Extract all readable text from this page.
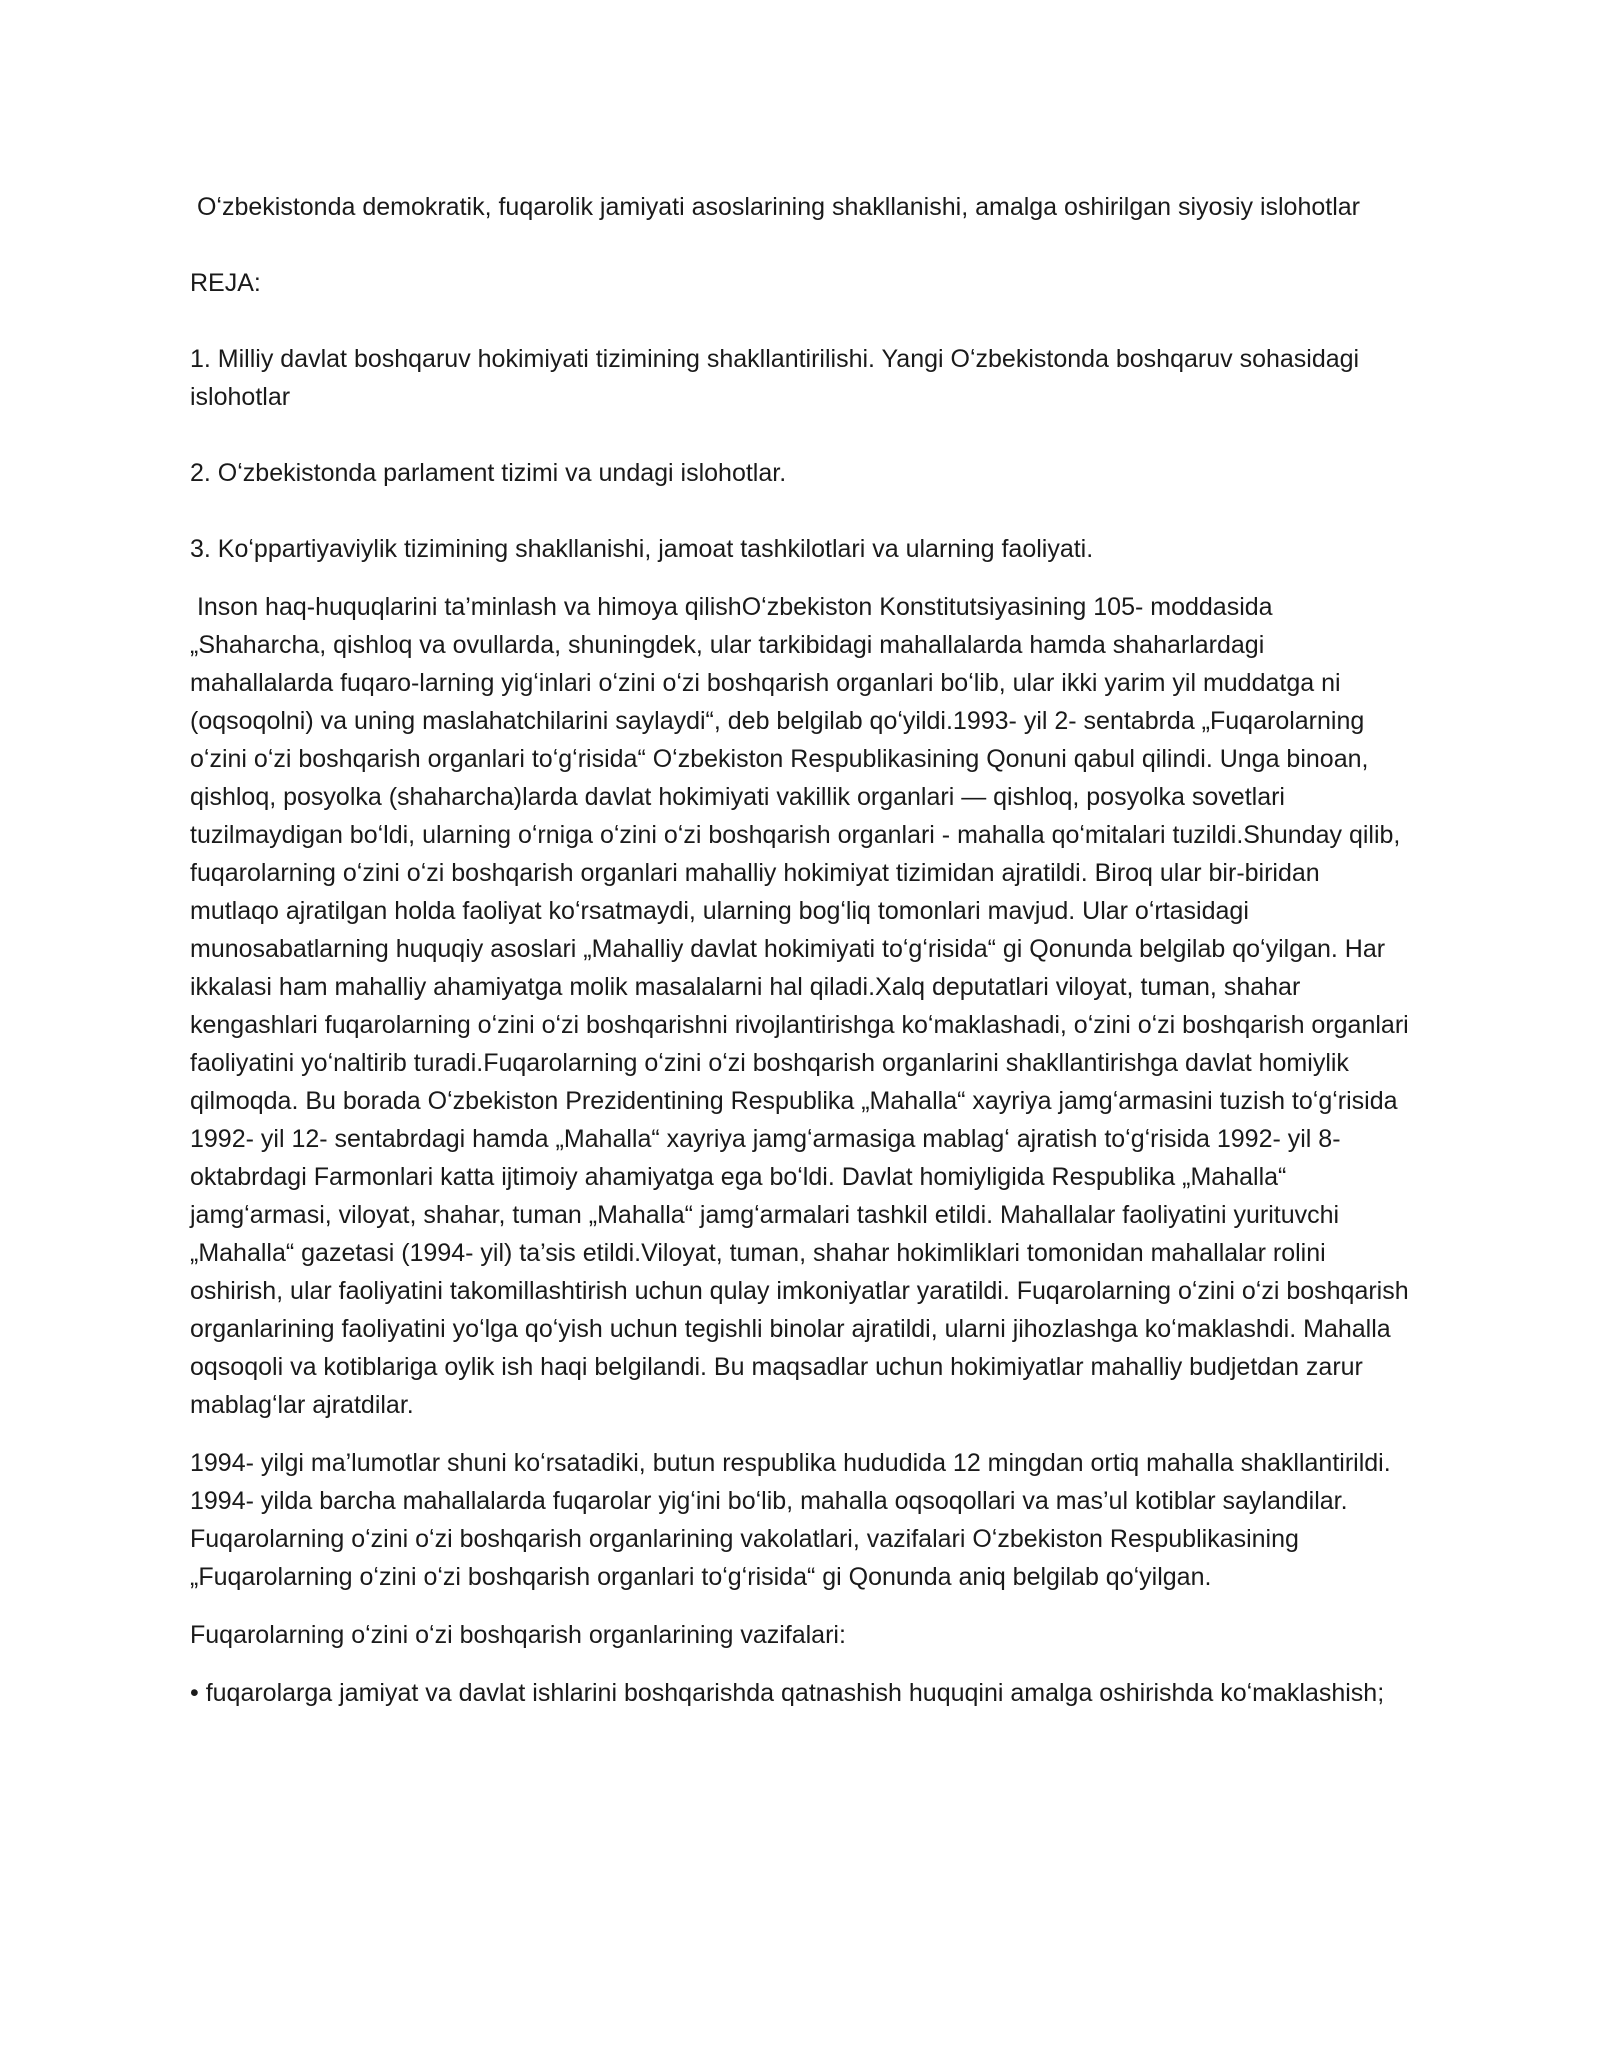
Oʻzbekistonda demokratik, fuqarolik jamiyati asoslarining shakllanishi, amalga oshirilgan siyosiy islohotlar

REJA:

1. Milliy davlat boshqaruv hokimiyati tizimining shakllantirilishi. Yangi Oʻzbekistonda boshqaruv sohasidagi islohotlar

2. Oʻzbekistonda parlament tizimi va undagi islohotlar.

3. Koʻppartiyaviylik tizimining shakllanishi, jamoat tashkilotlari va ularning faoliyati.

Inson haq-huquqlarini ta’minlash va himoya qilishOʻzbekiston Konstitutsiyasining 105- moddasida „Shaharcha, qishloq va ovullarda, shuningdek, ular tarkibidagi mahallalarda hamda shaharlardagi mahallalarda fuqaro-larning yigʻinlari oʻzini oʻzi boshqarish organlari boʻlib, ular ikki yarim yil muddatga ni (oqsoqolni) va uning maslahatchilarini saylaydi“, deb belgilab qoʻyildi.1993- yil 2- sentabrda „Fuqarolarning oʻzini oʻzi boshqarish organlari toʻgʻrisida“ Oʻzbekiston Respublikasining Qonuni qabul qilindi. Unga binoan, qishloq, posyolka (shaharcha)larda davlat hokimiyati vakillik organlari — qishloq, posyolka sovetlari tuzilmaydigan boʻldi, ularning oʻrniga oʻzini oʻzi boshqarish organlari - mahalla qoʻmitalari tuzildi.Shunday qilib, fuqarolarning oʻzini oʻzi boshqarish organlari mahalliy hokimiyat tizimidan ajratildi. Biroq ular bir-biridan mutlaqo ajratilgan holda faoliyat koʻrsatmaydi, ularning bogʻliq tomonlari mavjud. Ular oʻrtasidagi munosabatlarning huquqiy asoslari „Mahalliy davlat hokimiyati toʻgʻrisida“ gi Qonunda belgilab qoʻyilgan. Har ikkalasi ham mahalliy ahamiyatga molik masalalarni hal qiladi.Xalq deputatlari viloyat, tuman, shahar kengashlari fuqarolarning oʻzini oʻzi boshqarishni rivojlantirishga koʻmaklashadi, oʻzini oʻzi boshqarish organlari faoliyatini yoʻnaltirib turadi.Fuqarolarning oʻzini oʻzi boshqarish organlarini shakllantirishga davlat homiylik qilmoqda. Bu borada Oʻzbekiston Prezidentining Respublika „Mahalla“ xayriya jamgʻarmasini tuzish toʻgʻrisida 1992- yil 12- sentabrdagi hamda „Mahalla“ xayriya jamgʻarmasiga mablagʻ ajratish toʻgʻrisida 1992- yil 8- oktabrdagi Farmonlari katta ijtimoiy ahamiyatga ega boʻldi. Davlat homiyligida Respublika „Mahalla“ jamgʻarmasi, viloyat, shahar, tuman „Mahalla“ jamgʻarmalari tashkil etildi. Mahallalar faoliyatini yurituvchi „Mahalla“ gazetasi (1994- yil) ta’sis etildi.Viloyat, tuman, shahar hokimliklari tomonidan mahallalar rolini oshirish, ular faoliyatini takomillashtirish uchun qulay imkoniyatlar yaratildi. Fuqarolarning oʻzini oʻzi boshqarish organlarining faoliyatini yoʻlga qoʻyish uchun tegishli binolar ajratildi, ularni jihozlashga koʻmaklashdi. Mahalla oqsoqoli va kotiblariga oylik ish haqi belgilandi. Bu maqsadlar uchun hokimiyatlar mahalliy budjetdan zarur mablagʻlar ajratdilar.

1994- yilgi ma’lumotlar shuni koʻrsatadiki, butun respublika hududida 12 mingdan ortiq mahalla shakllantirildi. 1994- yilda barcha mahallalarda fuqarolar yigʻini boʻlib, mahalla oqsoqollari va mas’ul kotiblar saylandilar. Fuqarolarning oʻzini oʻzi boshqarish organlarining vakolatlari, vazifalari Oʻzbekiston Respublikasining „Fuqarolarning oʻzini oʻzi boshqarish organlari toʻgʻrisida“ gi Qonunda aniq belgilab qoʻyilgan.

Fuqarolarning oʻzini oʻzi boshqarish organlarining vazifalari:

• fuqarolarga jamiyat va davlat ishlarini boshqarishda qatnashish huquqini amalga oshirishda koʻmaklashish;
